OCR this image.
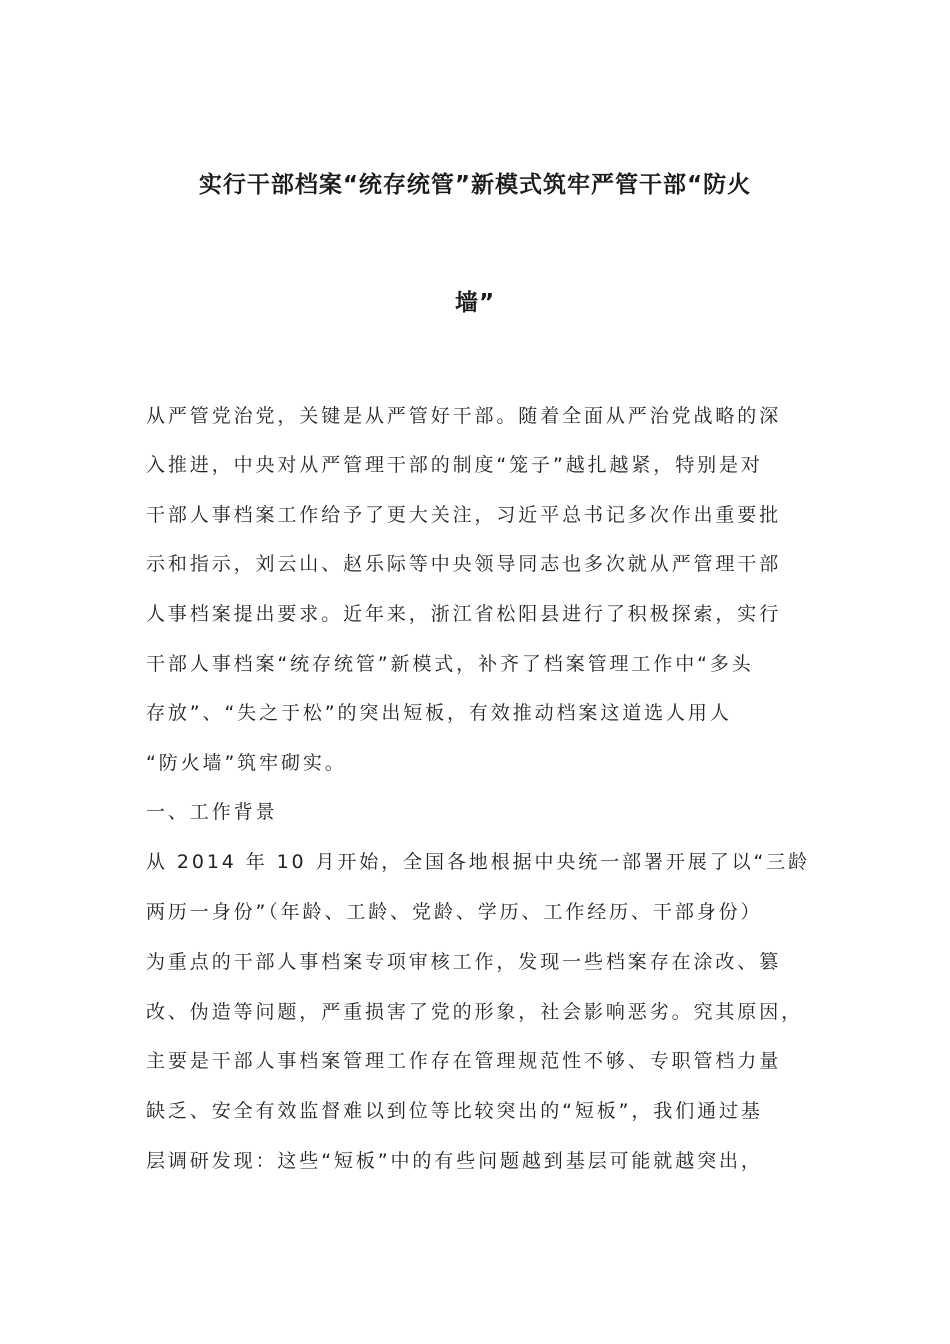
实行干部档案“统存统管”新模式筑牢严管干部“防火
墙”
从严管党治党，关键是从严管好干部。随着全面从严治党战略的深
入推进，中央对从严管理干部的制度“笼子”越扎越紧，特别是对
干部人事档案工作给予了更大关注，习近平总书记多次作出重要批
示和指示，刘云山、赵乐际等中央领导同志也多次就从严管理干部
人事档案提出要求。近年来，浙江省松阳县进行了积极探索，实行
干部人事档案“统存统管”新模式，补齐了档案管理工作中“多头
存放”、“失之于松”的突出短板，有效推动档案这道选人用人
“防火墙”筑牢砌实。
一、工作背景
从 2014 年 10 月开始，全国各地根据中央统一部署开展了以“三龄
两历一身份”（年龄、工龄、党龄、学历、工作经历、干部身份）
为重点的干部人事档案专项审核工作，发现一些档案存在涂改、篡
改、伪造等问题，严重损害了党的形象，社会影响恶劣。究其原因，
主要是干部人事档案管理工作存在管理规范性不够、专职管档力量
缺乏、安全有效监督难以到位等比较突出的“短板”，我们通过基
层调研发现：这些“短板”中的有些问题越到基层可能就越突出，
